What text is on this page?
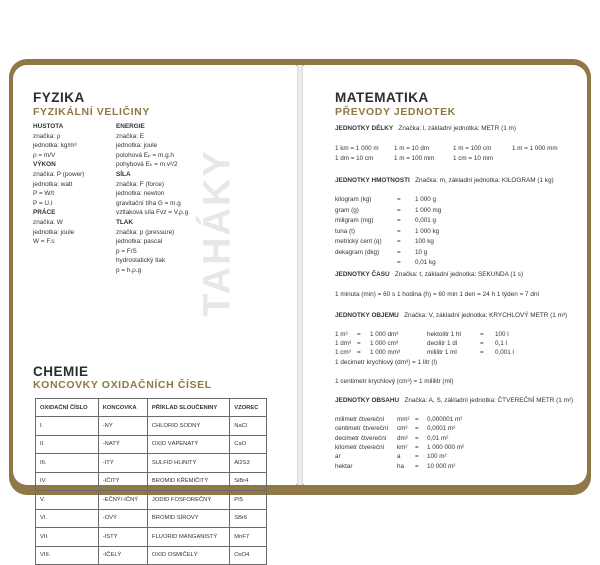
TAHÁKY
FYZIKA
FYZIKÁLNÍ VELIČINY
HUSTOTA
značka: ρ
jednotka: kg/m³
ρ = m/V
VÝKON
značka: P (power)
jednotka: watt
P = W/t
P = U.I
PRÁCE
značka: W
jednotka: joule
W = F.s
ENERGIE
značka: E
jednotka: joule
polohová Eₚ = m.g.h
pohybová Eₖ = m.v²/2
SÍLA
značka: F (force)
jednotka: newton
gravitační tíha G = m.g
vztlaková síla Fvz = V.ρ.g
TLAK
značka: p (pressure)
jednotka: pascal
p = F/S
hydrostatický tlak
p = h.ρ.g
CHEMIE
KONCOVKY OXIDAČNÍCH ČÍSEL
OXIDAČNÍ ČÍSLO	KONCOVKA	PŘÍKLAD SLOUČENINY	VZOREC
I.	-NÝ	CHLORID SODNÝ	NaCl
II.	-NATÝ	OXID VÁPENATÝ	CaO
III.	-ITÝ	SULFID HLINITÝ	Al2S3
IV.	-IČITÝ	BROMID KŘEMIČITÝ	SiBr4
V.	-EČNÝ/-IČNÝ	JODID FOSFOREČNÝ	PI5
VI.	-OVÝ	BROMID SÍROVÝ	SBr6
VII.	-ISTÝ	FLUORID MANGANISTÝ	MnF7
VIII.	-IČELÝ	OXID OSMIČELÝ	OsO4
MATEMATIKA
PŘEVODY JEDNOTEK
JEDNOTKY DÉLKY Značka: l, základní jednotka: METR (1 m)
1 km = 1 000 m 1 m = 10 dm	1 m = 100 cm	1 m = 1 000 mm
1 dm = 10 cm	1 m = 100 mm	1 cm = 10 mm
JEDNOTKY HMOTNOSTI Značka: m, základní jednotka: KILOGRAM (1 kg)
kilogram (kg)	= 1 000 g
gram (g)	= 1 000 mg
miligram (mg)	= 0,001 g
tuna (t)	= 1 000 kg
metrický cent (q) = 100 kg
dekagram (dkg)	= 10 g
= 0,01 kg
JEDNOTKY ČASU Značka: t, základní jednotka: SEKUNDA (1 s)
1 minuta (min) = 60 s 1 hodina (h) = 60 min 1 den = 24 h 1 týden = 7 dní
JEDNOTKY OBJEMU Značka: V, základní jednotka: KRYCHLOVÝ METR (1 m³)
1 m³ = 1 000 dm³	hektolitr 1 hl	= 100 l
1 dm³ = 1 000 cm³	decilitr 1 dl	= 0,1 l
1 cm³ = 1 000 mm³	mililitr 1 ml	= 0,001 l
1 decimetr krychlový (dm³) = 1 litr (l)
1 centimetr krychlový (cm³) = 1 mililitr (ml)
JEDNOTKY OBSAHU Značka: A, S, základní jednotka: ČTVEREČNÍ METR (1 m²)
milimetr čtvereční mm² = 0,000001 m²
centimetr čtvereční cm² = 0,0001 m²
decimetr čtvereční dm² = 0,01 m²
kilometr čtvereční km² = 1 000 000 m²
ar	a = 100 m²
hektar	ha = 10 000 m²
